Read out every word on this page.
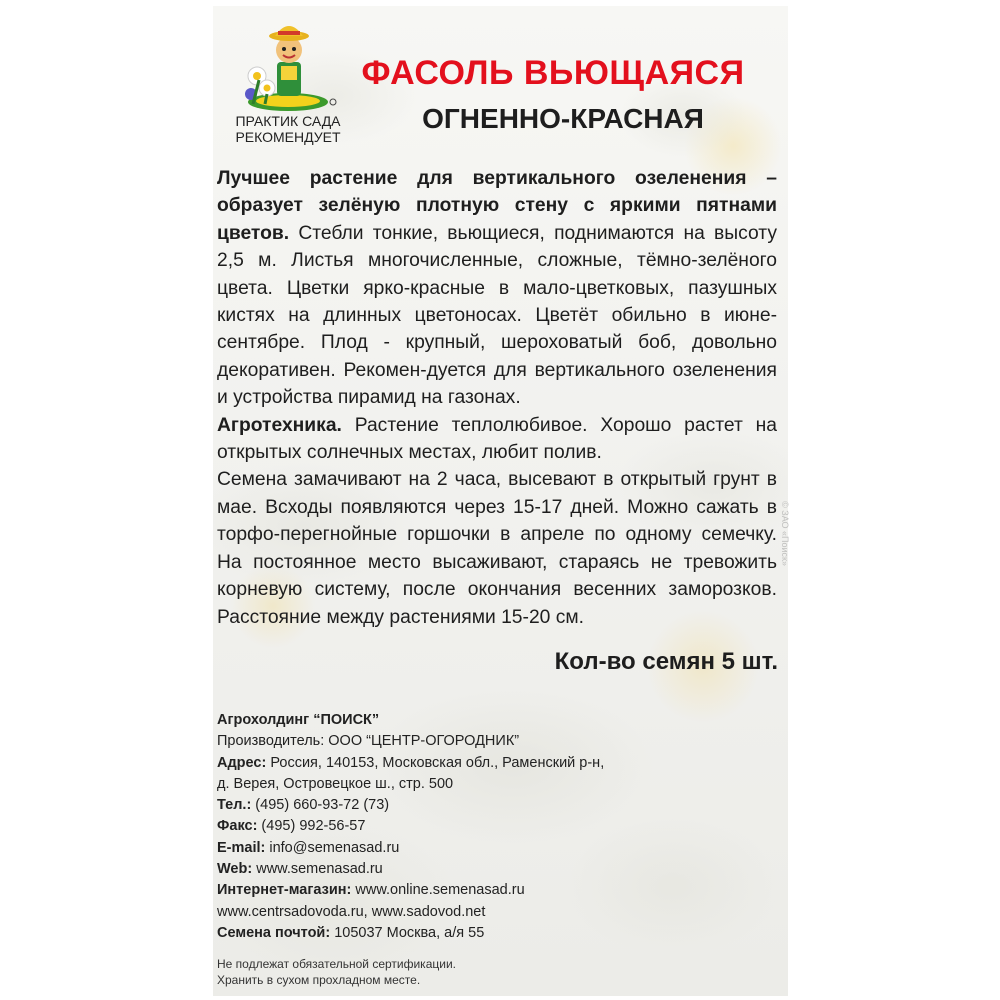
ПРАКТИК САДА
РЕКОМЕНДУЕТ
ФАСОЛЬ ВЬЮЩАЯСЯ
ОГНЕННО-КРАСНАЯ

Лучшее растение для вертикального озеленения – образует зелёную плотную стену с яркими пятнами цветов. Стебли тонкие, вьющиеся, поднимаются на высоту 2,5 м. Листья многочисленные, сложные, тёмно-зелёного цвета. Цветки ярко-красные в мало-цветковых, пазушных кистях на длинных цветоносах. Цветёт обильно в июне-сентябре. Плод - крупный, шероховатый боб, довольно декоративен. Рекомен-дуется для вертикального озеленения и устройства пирамид на газонах.

Агротехника. Растение теплолюбивое. Хорошо растет на открытых солнечных местах, любит полив.

Семена замачивают на 2 часа, высевают в открытый грунт в мае. Всходы появляются через 15-17 дней. Можно сажать в торфо-перегнойные горшочки в апреле по одному семечку. На постоянное место высаживают, стараясь не тревожить корневую систему, после окончания весенних заморозков. Расстояние между растениями 15-20 см.

Кол-во семян 5 шт.
Агрохолдинг “ПОИСК”
Производитель: ООО “ЦЕНТР-ОГОРОДНИК”
Адрес: Россия, 140153, Московская обл., Раменский р-н,
д. Верея, Островецкое ш., стр. 500
Тел.: (495) 660-93-72 (73)
Факс: (495) 992-56-57
E-mail: info@semenasad.ru
Web: www.semenasad.ru
Интернет-магазин: www.online.semenasad.ru
www.centrsadovoda.ru, www.sadovod.net
Семена почтой: 105037 Москва, а/я 55
Не подлежат обязательной сертификации.
Хранить в сухом прохладном месте.
© ЗАО «Поиск»
